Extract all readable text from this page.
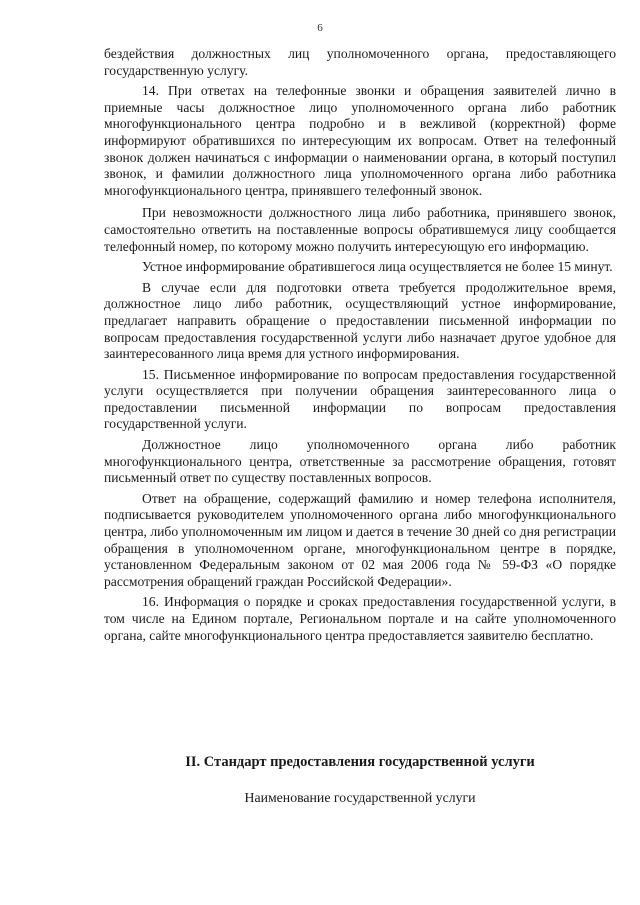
6

бездействия должностных лиц уполномоченного органа, предоставляющего государственную услугу.

14. При ответах на телефонные звонки и обращения заявителей лично в приемные часы должностное лицо уполномоченного органа либо работник многофункционального центра подробно и в вежливой (корректной) форме информируют обратившихся по интересующим их вопросам. Ответ на телефонный звонок должен начинаться с информации о наименовании органа, в который поступил звонок, и фамилии должностного лица уполномоченного органа либо работника многофункционального центра, принявшего телефонный звонок.

При невозможности должностного лица либо работника, принявшего звонок, самостоятельно ответить на поставленные вопросы обратившемуся лицу сообщается телефонный номер, по которому можно получить интересующую его информацию.

Устное информирование обратившегося лица осуществляется не более 15 минут.

В случае если для подготовки ответа требуется продолжительное время, должностное лицо либо работник, осуществляющий устное информирование, предлагает направить обращение о предоставлении письменной информации по вопросам предоставления государственной услуги либо назначает другое удобное для заинтересованного лица время для устного информирования.

15. Письменное информирование по вопросам предоставления государственной услуги осуществляется при получении обращения заинтересованного лица о предоставлении письменной информации по вопросам предоставления государственной услуги.

Должностное лицо уполномоченного органа либо работник многофункционального центра, ответственные за рассмотрение обращения, готовят письменный ответ по существу поставленных вопросов.

Ответ на обращение, содержащий фамилию и номер телефона исполнителя, подписывается руководителем уполномоченного органа либо многофункционального центра, либо уполномоченным им лицом и дается в течение 30 дней со дня регистрации обращения в уполномоченном органе, многофункциональном центре в порядке, установленном Федеральным законом от 02 мая 2006 года № 59-ФЗ «О порядке рассмотрения обращений граждан Российской Федерации».

16. Информация о порядке и сроках предоставления государственной услуги, в том числе на Едином портале, Региональном портале и на сайте уполномоченного органа, сайте многофункционального центра предоставляется заявителю бесплатно.

II. Стандарт предоставления государственной услуги
Наименование государственной услуги
